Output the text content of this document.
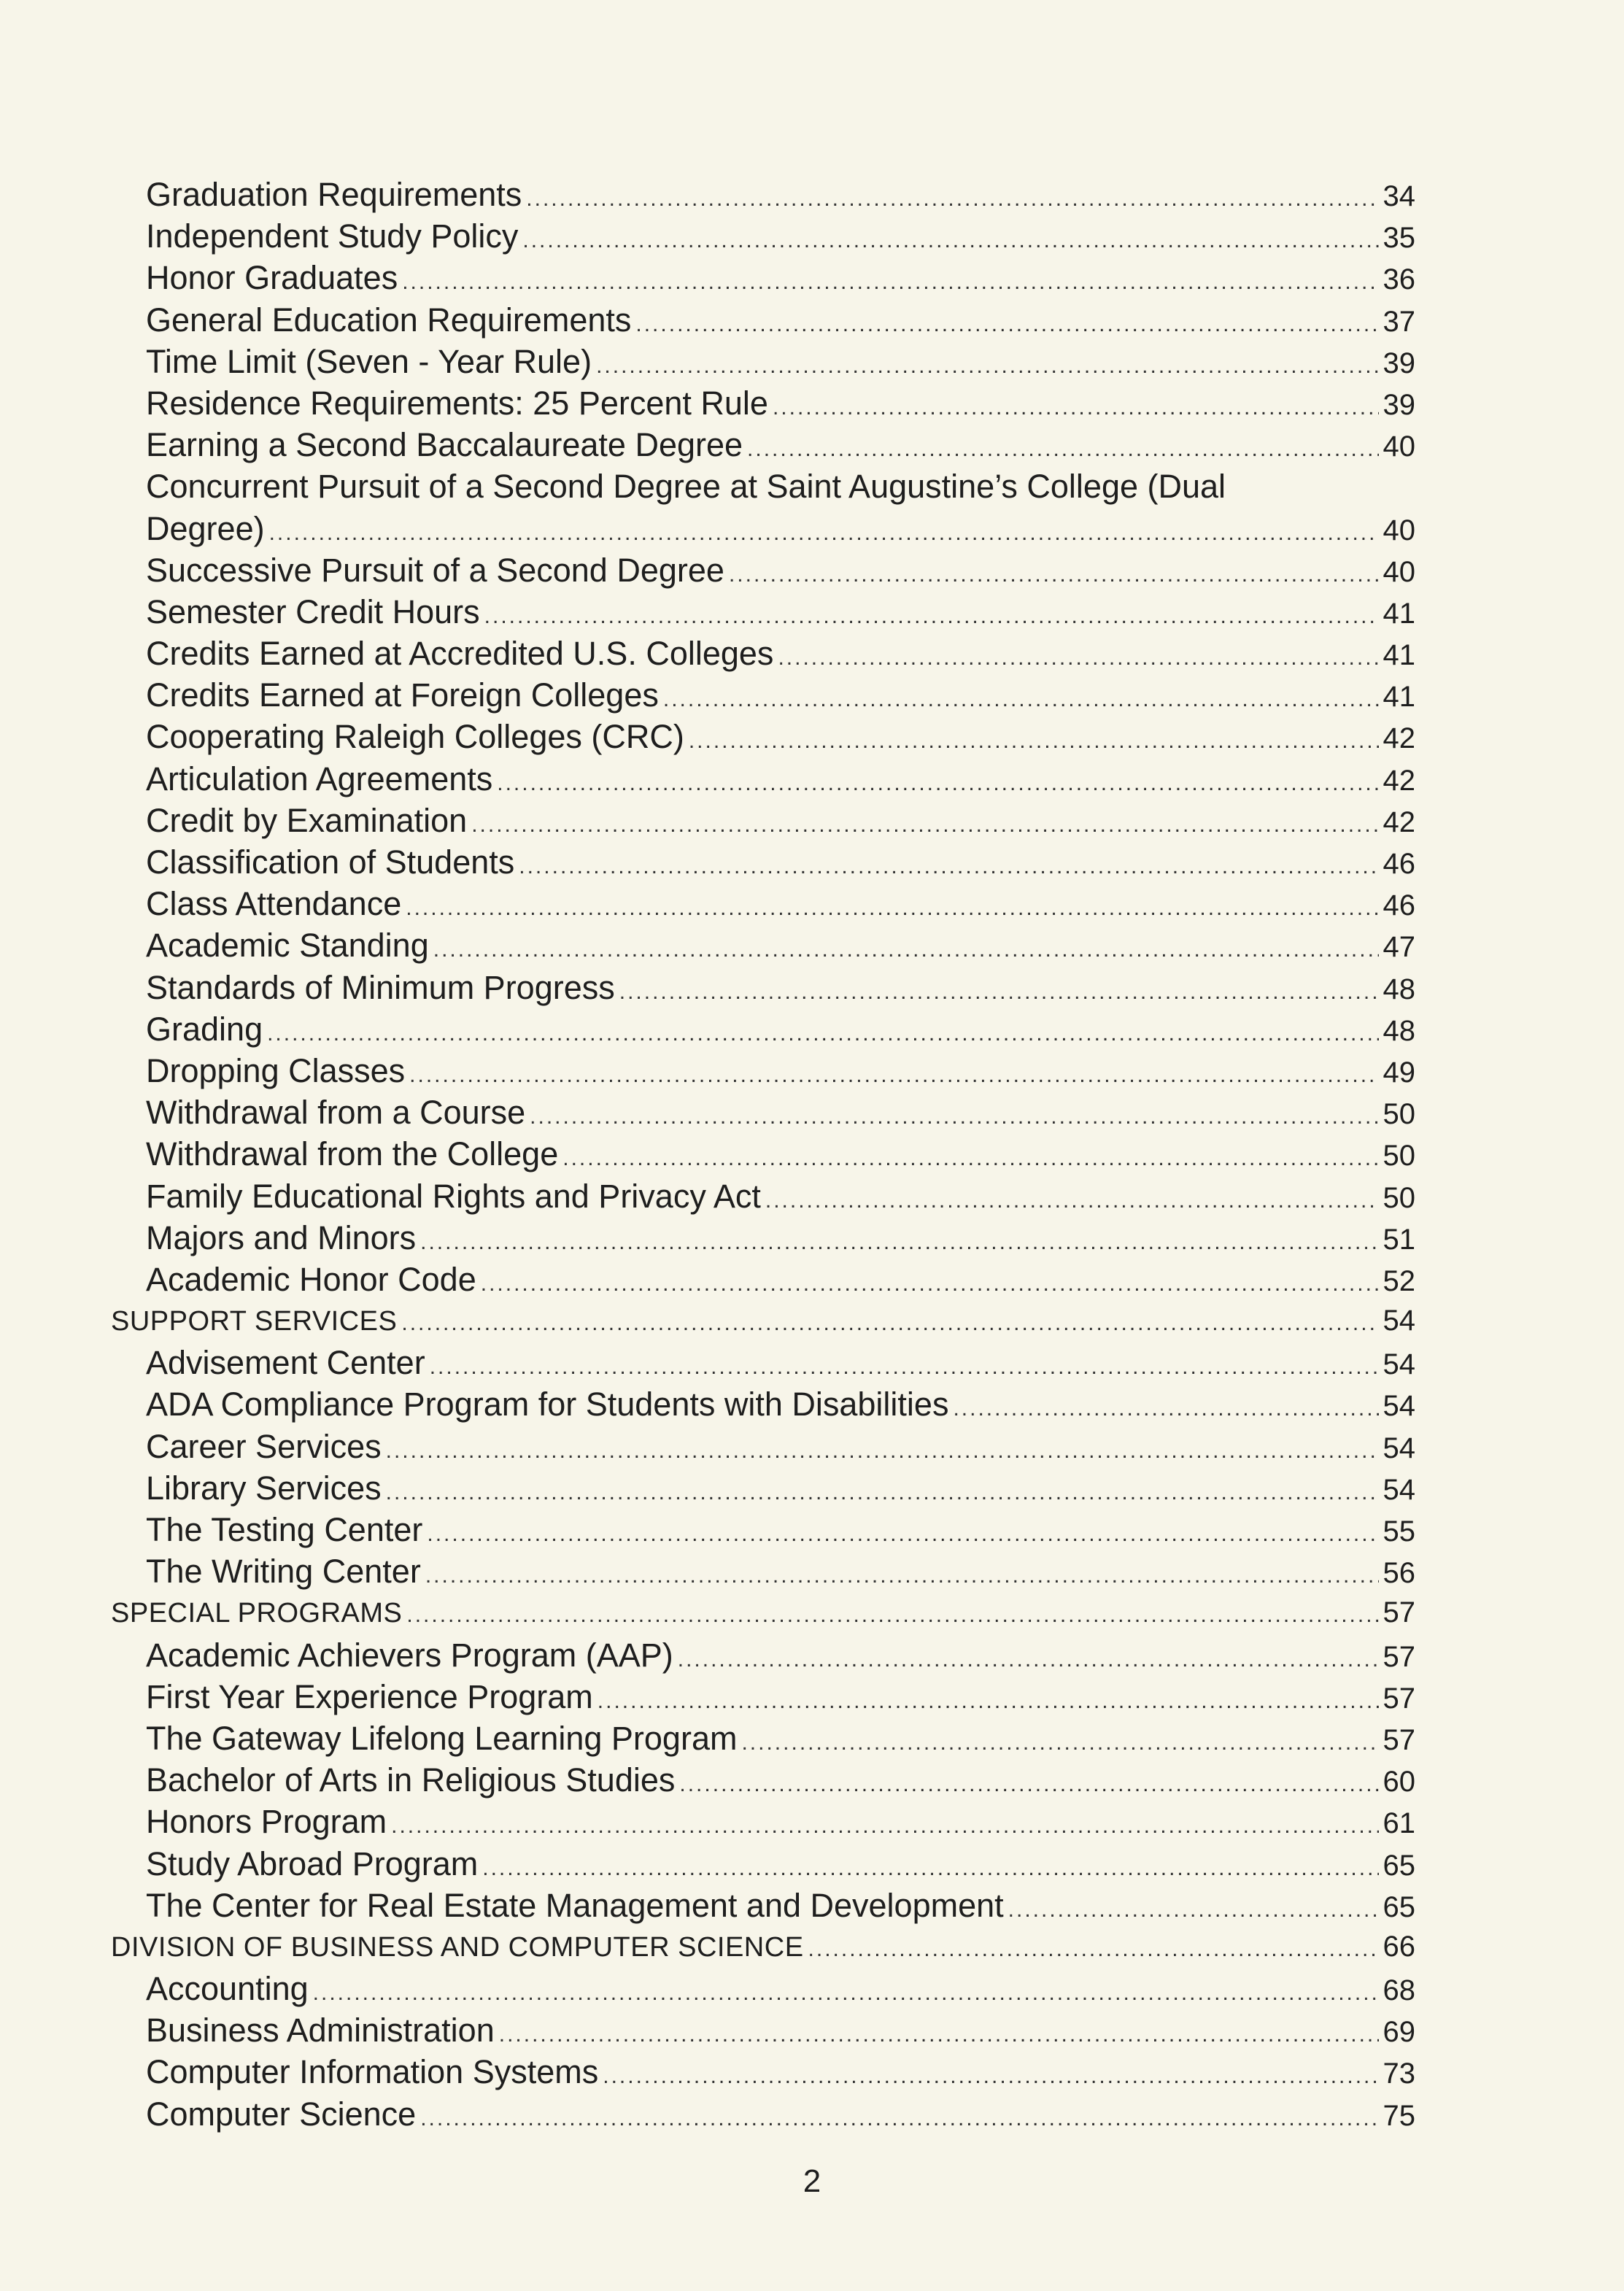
Graduation Requirements .....	34
Independent Study Policy .....	35
Honor Graduates .....	36
General Education Requirements .....	37
Time Limit (Seven - Year Rule) .....	39
Residence Requirements: 25 Percent Rule .....	39
Earning a Second Baccalaureate Degree .....	40
Concurrent Pursuit of a Second Degree at Saint Augustine’s College (Dual
Degree) .....	40
Successive Pursuit of a Second Degree .....	40
Semester Credit Hours .....	41
Credits Earned at Accredited U.S. Colleges .....	41
Credits Earned at Foreign Colleges .....	41
Cooperating Raleigh Colleges (CRC) .....	42
Articulation Agreements .....	42
Credit by Examination .....	42
Classification of Students .....	46
Class Attendance .....	46
Academic Standing .....	47
Standards of Minimum Progress .....	48
Grading .....	48
Dropping Classes .....	49
Withdrawal from a Course .....	50
Withdrawal from the College .....	50
Family Educational Rights and Privacy Act .....	50
Majors and Minors .....	51
Academic Honor Code .....	52
SUPPORT SERVICES .....	54
Advisement Center .....	54
ADA Compliance Program for Students with Disabilities .....	54
Career Services .....	54
Library Services .....	54
The Testing Center .....	55
The Writing Center .....	56
SPECIAL PROGRAMS .....	57
Academic Achievers Program (AAP) .....	57
First Year Experience Program .....	57
The Gateway Lifelong Learning Program .....	57
Bachelor of Arts in Religious Studies .....	60
Honors Program .....	61
Study Abroad Program .....	65
The Center for Real Estate Management and Development .....	65
DIVISION OF BUSINESS AND COMPUTER SCIENCE .....	66
Accounting .....	68
Business Administration .....	69
Computer Information Systems .....	73
Computer Science .....	75
2
